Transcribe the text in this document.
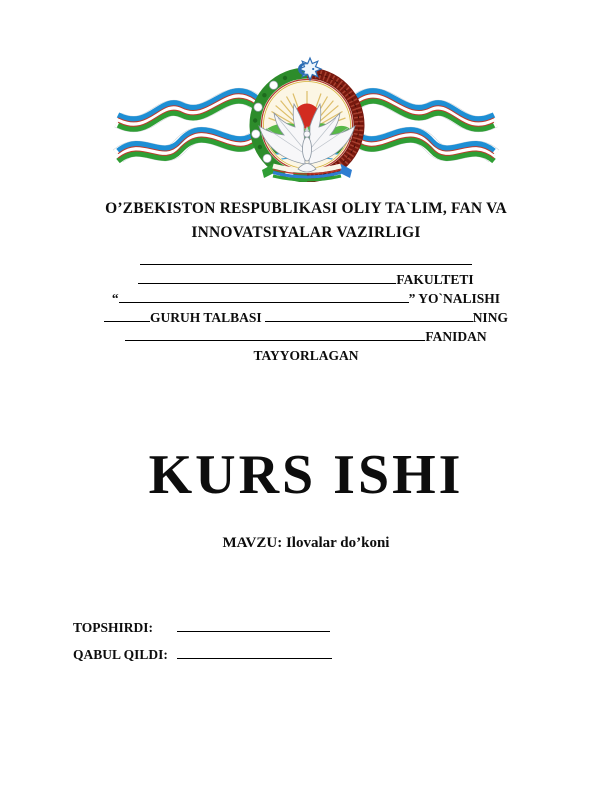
O’ZBEKISTON RESPUBLIKASI OLIY TA`LIM, FAN VA
INNOVATSIYALAR VAZIRLIGI
FAKULTETI
“	” YO`NALISHI
GURUH TALBASI	NING
FANIDAN
TAYYORLAGAN
KURS ISHI
MAVZU: Ilovalar do’koni
TOPSHIRDI:
QABUL QILDI:
